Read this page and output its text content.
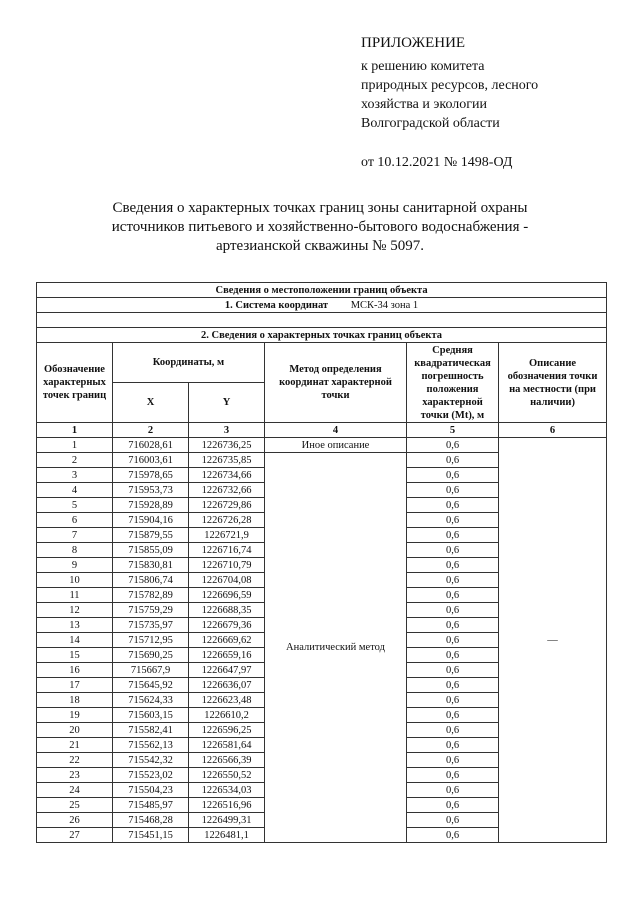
ПРИЛОЖЕНИЕ
к решению комитета
природных ресурсов, лесного
хозяйства и экологии
Волгоградской области
от 10.12.2021 № 1498-ОД
Сведения о характерных точках границ зоны санитарной охраны
источников питьевого и хозяйственно-бытового водоснабжения -
артезианской скважины № 5097.
Сведения о местоположении границ объекта					
1. Система координат МСК-34 зона 1					

2. Сведения о характерных точках границ объекта					
Обозначение характерных точек границ	Координаты, м		Метод определения координат характерной точки	Средняя квадратическая погрешность положения характерной точки (Mt), м	Описание обозначения точки на местности (при наличии)
	X	Y			
1	2	3	4	5	6
1	716028,61	1226736,25	Иное описание	0,6	—
2	716003,61	1226735,85	Аналитический метод	0,6	
3	715978,65	1226734,66		0,6	
4	715953,73	1226732,66		0,6	
5	715928,89	1226729,86		0,6	
6	715904,16	1226726,28		0,6	
7	715879,55	1226721,9		0,6	
8	715855,09	1226716,74		0,6	
9	715830,81	1226710,79		0,6	
10	715806,74	1226704,08		0,6	
11	715782,89	1226696,59		0,6	
12	715759,29	1226688,35		0,6	
13	715735,97	1226679,36		0,6	
14	715712,95	1226669,62		0,6	
15	715690,25	1226659,16		0,6	
16	715667,9	1226647,97		0,6	
17	715645,92	1226636,07		0,6	
18	715624,33	1226623,48		0,6	
19	715603,15	1226610,2		0,6	
20	715582,41	1226596,25		0,6	
21	715562,13	1226581,64		0,6	
22	715542,32	1226566,39		0,6	
23	715523,02	1226550,52		0,6	
24	715504,23	1226534,03		0,6	
25	715485,97	1226516,96		0,6	
26	715468,28	1226499,31		0,6	
27	715451,15	1226481,1		0,6	
